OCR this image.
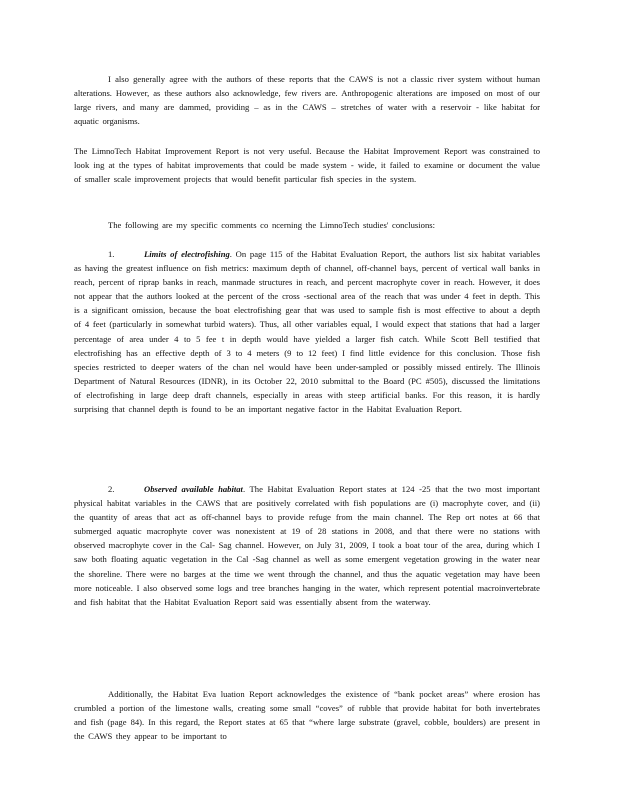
I also generally agree with the authors of these reports that the CAWS is not a classic river system without human alterations. However, as these authors also acknowledge, few rivers are. Anthropogenic alterations are imposed on most of our large rivers, and many are dammed, providing – as in the CAWS – stretches of water with a reservoir - like habitat for aquatic organisms.
The LimnoTech Habitat Improvement Report is not very useful. Because the Habitat Improvement Report was constrained to look ing at the types of habitat improvements that could be made system - wide, it failed to examine or document the value of smaller scale improvement projects that would benefit particular fish species in the system.
The following are my specific comments co ncerning the LimnoTech studies' conclusions:
1.	Limits of electrofishing. On page 115 of the Habitat Evaluation Report, the authors list six habitat variables as having the greatest influence on fish metrics: maximum depth of channel, off-channel bays, percent of vertical wall banks in reach, percent of riprap banks in reach, manmade structures in reach, and percent macrophyte cover in reach. However, it does not appear that the authors looked at the percent of the cross -sectional area of the reach that was under 4 feet in depth. This is a significant omission, because the boat electrofishing gear that was used to sample fish is most effective to about a depth of 4 feet (particularly in somewhat turbid waters). Thus, all other variables equal, I would expect that stations that had a larger percentage of area under 4 to 5 fee t in depth would have yielded a larger fish catch. While Scott Bell testified that electrofishing has an effective depth of 3 to 4 meters (9 to 12 feet) I find little evidence for this conclusion. Those fish species restricted to deeper waters of the chan nel would have been under-sampled or possibly missed entirely. The Illinois Department of Natural Resources (IDNR), in its October 22, 2010 submittal to the Board (PC #505), discussed the limitations of electrofishing in large deep draft channels, especially in areas with steep artificial banks. For this reason, it is hardly surprising that channel depth is found to be an important negative factor in the Habitat Evaluation Report.
2.	Observed available habitat. The Habitat Evaluation Report states at 124 -25 that the two most important physical habitat variables in the CAWS that are positively correlated with fish populations are (i) macrophyte cover, and (ii) the quantity of areas that act as off-channel bays to provide refuge from the main channel. The Rep ort notes at 66 that submerged aquatic macrophyte cover was nonexistent at 19 of 28 stations in 2008, and that there were no stations with observed macrophyte cover in the Cal- Sag channel. However, on July 31, 2009, I took a boat tour of the area, during which I saw both floating aquatic vegetation in the Cal -Sag channel as well as some emergent vegetation growing in the water near the shoreline. There were no barges at the time we went through the channel, and thus the aquatic vegetation may have been more noticeable. I also observed some logs and tree branches hanging in the water, which represent potential macroinvertebrate and fish habitat that the Habitat Evaluation Report said was essentially absent from the waterway.
Additionally, the Habitat Eva luation Report acknowledges the existence of “bank pocket areas” where erosion has crumbled a portion of the limestone walls, creating some small “coves” of rubble that provide habitat for both invertebrates and fish (page 84). In this regard, the Report states at 65 that “where large substrate (gravel, cobble, boulders) are present in the CAWS they appear to be important to
